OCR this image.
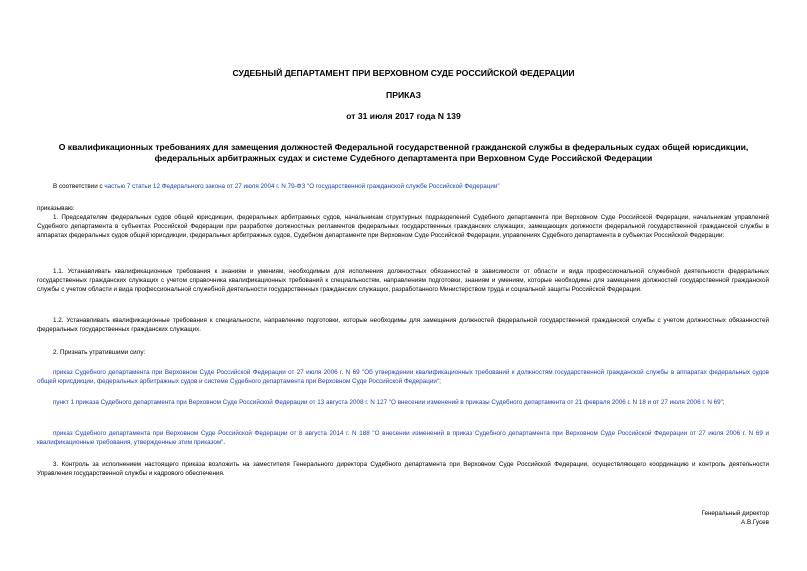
СУДЕБНЫЙ ДЕПАРТАМЕНТ ПРИ ВЕРХОВНОМ СУДЕ РОССИЙСКОЙ ФЕДЕРАЦИИ
ПРИКАЗ
от 31 июля 2017 года N 139
О квалификационных требованиях для замещения должностей Федеральной государственной гражданской службы в федеральных судах общей юрисдикции, федеральных арбитражных судах и системе Судебного департамента при Верховном Суде Российской Федерации
В соответствии с частью 7 статьи 12 Федерального закона от 27 июля 2004 г. N 79-ФЗ "О государственной гражданской службе Российской Федерации"
приказываю:
1. Председателям федеральных судов общей юрисдикции, федеральных арбитражных судов, начальникам структурных подразделений Судебного департамента при Верховном Суде Российской Федерации, начальникам управлений Судебного департамента в субъектах Российской Федерации при разработке должностных регламентов федеральных государственных гражданских служащих, замещающих должности федеральной государственной гражданской службы в аппаратах федеральных судов общей юрисдикции, федеральных арбитражных судов, Судебном департаменте при Верховном Суде Российской Федерации, управлениях Судебного департамента в субъектах Российской Федерации:
1.1. Устанавливать квалификационные требования к знаниям и умениям, необходимым для исполнения должностных обязанностей в зависимости от области и вида профессиональной служебной деятельности федеральных государственных гражданских служащих с учетом справочника квалификационных требований к специальностям, направлениям подготовки, знаниям и умениям, которые необходимы для замещения должностей государственной гражданской службы с учетом области и вида профессиональной служебной деятельности государственных гражданских служащих, разработанного Министерством труда и социальной защиты Российской Федерации.
1.2. Устанавливать квалификационные требования к специальности, направлению подготовки, которые необходимы для замещения должностей федеральной государственной гражданской службы с учетом должностных обязанностей федеральных государственных гражданских служащих.
2. Признать утратившими силу:
приказ Судебного департамента при Верховном Суде Российской Федерации от 27 июля 2006 г. N 69 "Об утверждении квалификационных требований к должностям государственной гражданской службы в аппаратах федеральных судов общей юрисдикции, федеральных арбитражных судов и системе Судебного департамента при Верховном Суде Российской Федерации";
пункт 1 приказа Судебного департамента при Верховном Суде Российской Федерации от 13 августа 2008 г. N 127 "О внесении изменений в приказы Судебного департамента от 21 февраля 2006 г. N 18 и от 27 июля 2006 г. N 69";
приказ Судебного департамента при Верховном Суде Российской Федерации от 8 августа 2014 г. N 188 "О внесении изменений в приказ Судебного департамента при Верховном Суде Российской Федерации от 27 июля 2006 г. N 69 и квалификационные требования, утвержденные этим приказом".
3. Контроль за исполнением настоящего приказа возложить на заместителя Генерального директора Судебного департамента при Верховном Суде Российской Федерации, осуществляющего координацию и контроль деятельности Управления государственной службы и кадрового обеспечения.
Генеральный директор
А.В.Гусев
